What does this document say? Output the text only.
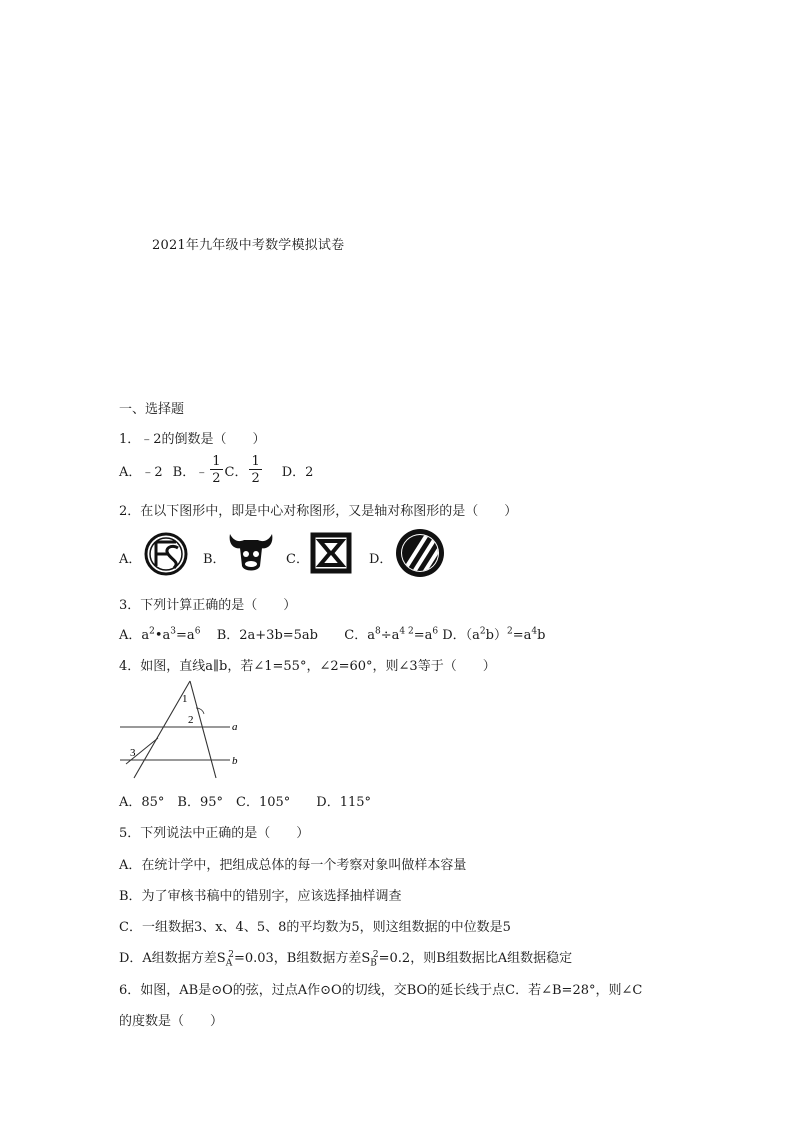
2021年九年级中考数学模拟试卷
一、选择题
1．﹣2的倒数是（　　）
A．﹣2 B．﹣ $\frac{1}{2}$ C． $\frac{1}{2}$ D．2
2．在以下图形中，即是中心对称图形，又是轴对称图形的是（　　）
A．	B．	C．	D．
3．下列计算正确的是（　　）
A．$a^2•a^3=a^6$ B．2a+3b=5ab C．$a^8\div a^{4 2}=a^6$ D．$(a^2b)^2=a^4b$
4．如图，直线a∥b，若∠1=55°，∠2=60°，则∠3等于（　　）
1
2
3
a
b
A．85°　B．95°　C．105°　　D．115°
5．下列说法中正确的是（　　）
A．在统计学中，把组成总体的每一个考察对象叫做样本容量
B．为了审核书稿中的错别字，应该选择抽样调查
C．一组数据3、x、4、5、8的平均数为5，则这组数据的中位数是5
D．A组数据方差$S_A^2=0.03$，B组数据方差$S_B^2=0.2$，则B组数据比A组数据稳定
6．如图，AB是⊙O的弦，过点A作⊙O的切线，交BO的延长线于点C．若∠B=28°，则∠C
的度数是（　　）
